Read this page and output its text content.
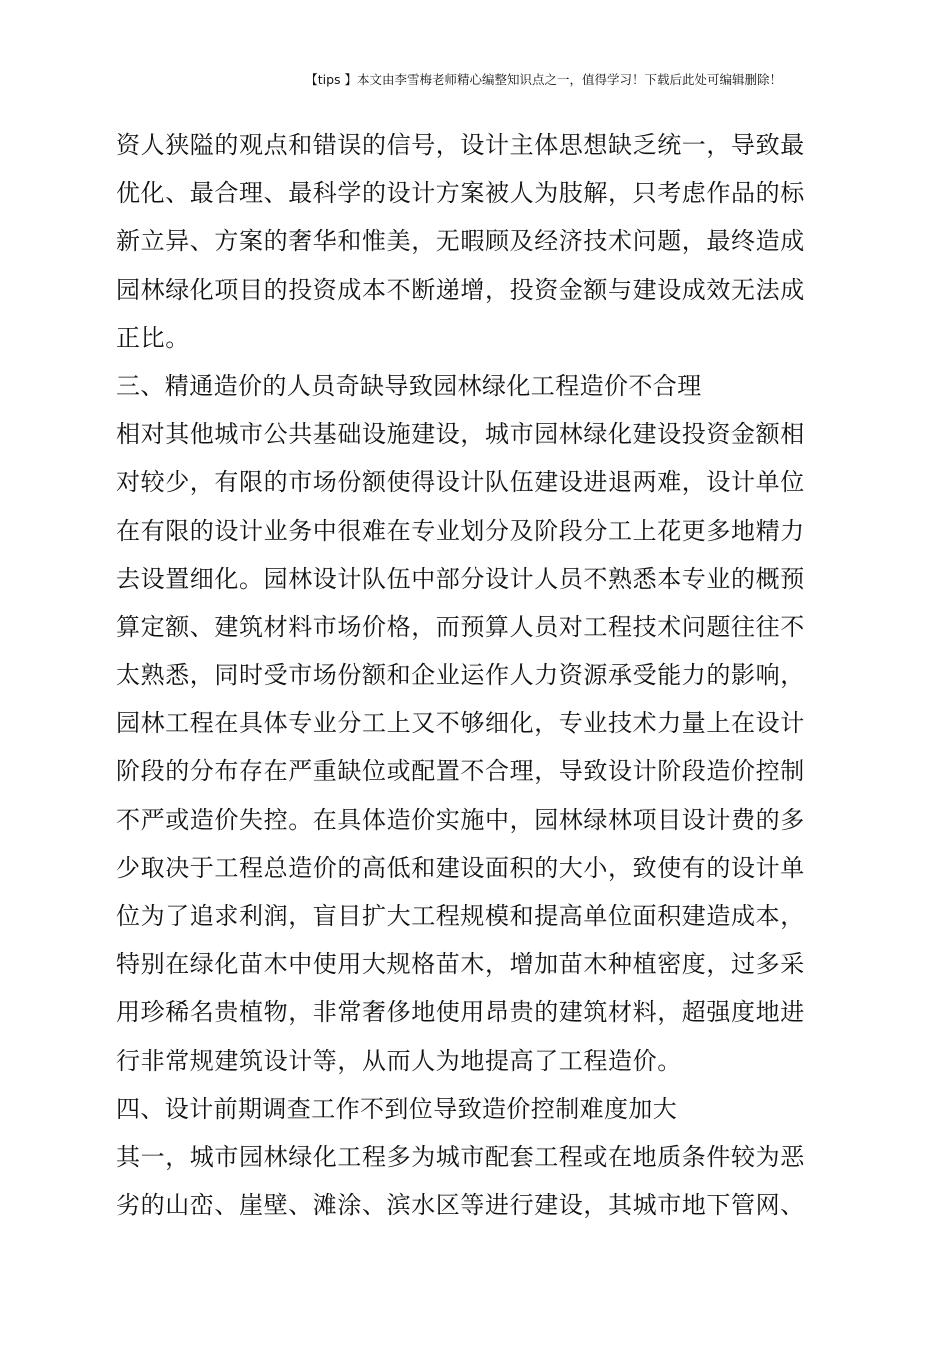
【tips 】本文由李雪梅老师精心编整知识点之一，值得学习！下载后此处可编辑删除！
资人狭隘的观点和错误的信号，设计主体思想缺乏统一，导致最
优化、最合理、最科学的设计方案被人为肢解，只考虑作品的标
新立异、方案的奢华和惟美，无暇顾及经济技术问题，最终造成
园林绿化项目的投资成本不断递增，投资金额与建设成效无法成
正比。
三、精通造价的人员奇缺导致园林绿化工程造价不合理
相对其他城市公共基础设施建设，城市园林绿化建设投资金额相
对较少，有限的市场份额使得设计队伍建设进退两难，设计单位
在有限的设计业务中很难在专业划分及阶段分工上花更多地精力
去设置细化。园林设计队伍中部分设计人员不熟悉本专业的概预
算定额、建筑材料市场价格，而预算人员对工程技术问题往往不
太熟悉，同时受市场份额和企业运作人力资源承受能力的影响，
园林工程在具体专业分工上又不够细化，专业技术力量上在设计
阶段的分布存在严重缺位或配置不合理，导致设计阶段造价控制
不严或造价失控。在具体造价实施中，园林绿林项目设计费的多
少取决于工程总造价的高低和建设面积的大小，致使有的设计单
位为了追求利润，盲目扩大工程规模和提高单位面积建造成本，
特别在绿化苗木中使用大规格苗木，增加苗木种植密度，过多采
用珍稀名贵植物，非常奢侈地使用昂贵的建筑材料，超强度地进
行非常规建筑设计等，从而人为地提高了工程造价。
四、设计前期调查工作不到位导致造价控制难度加大
其一，城市园林绿化工程多为城市配套工程或在地质条件较为恶
劣的山峦、崖壁、滩涂、滨水区等进行建设，其城市地下管网、
